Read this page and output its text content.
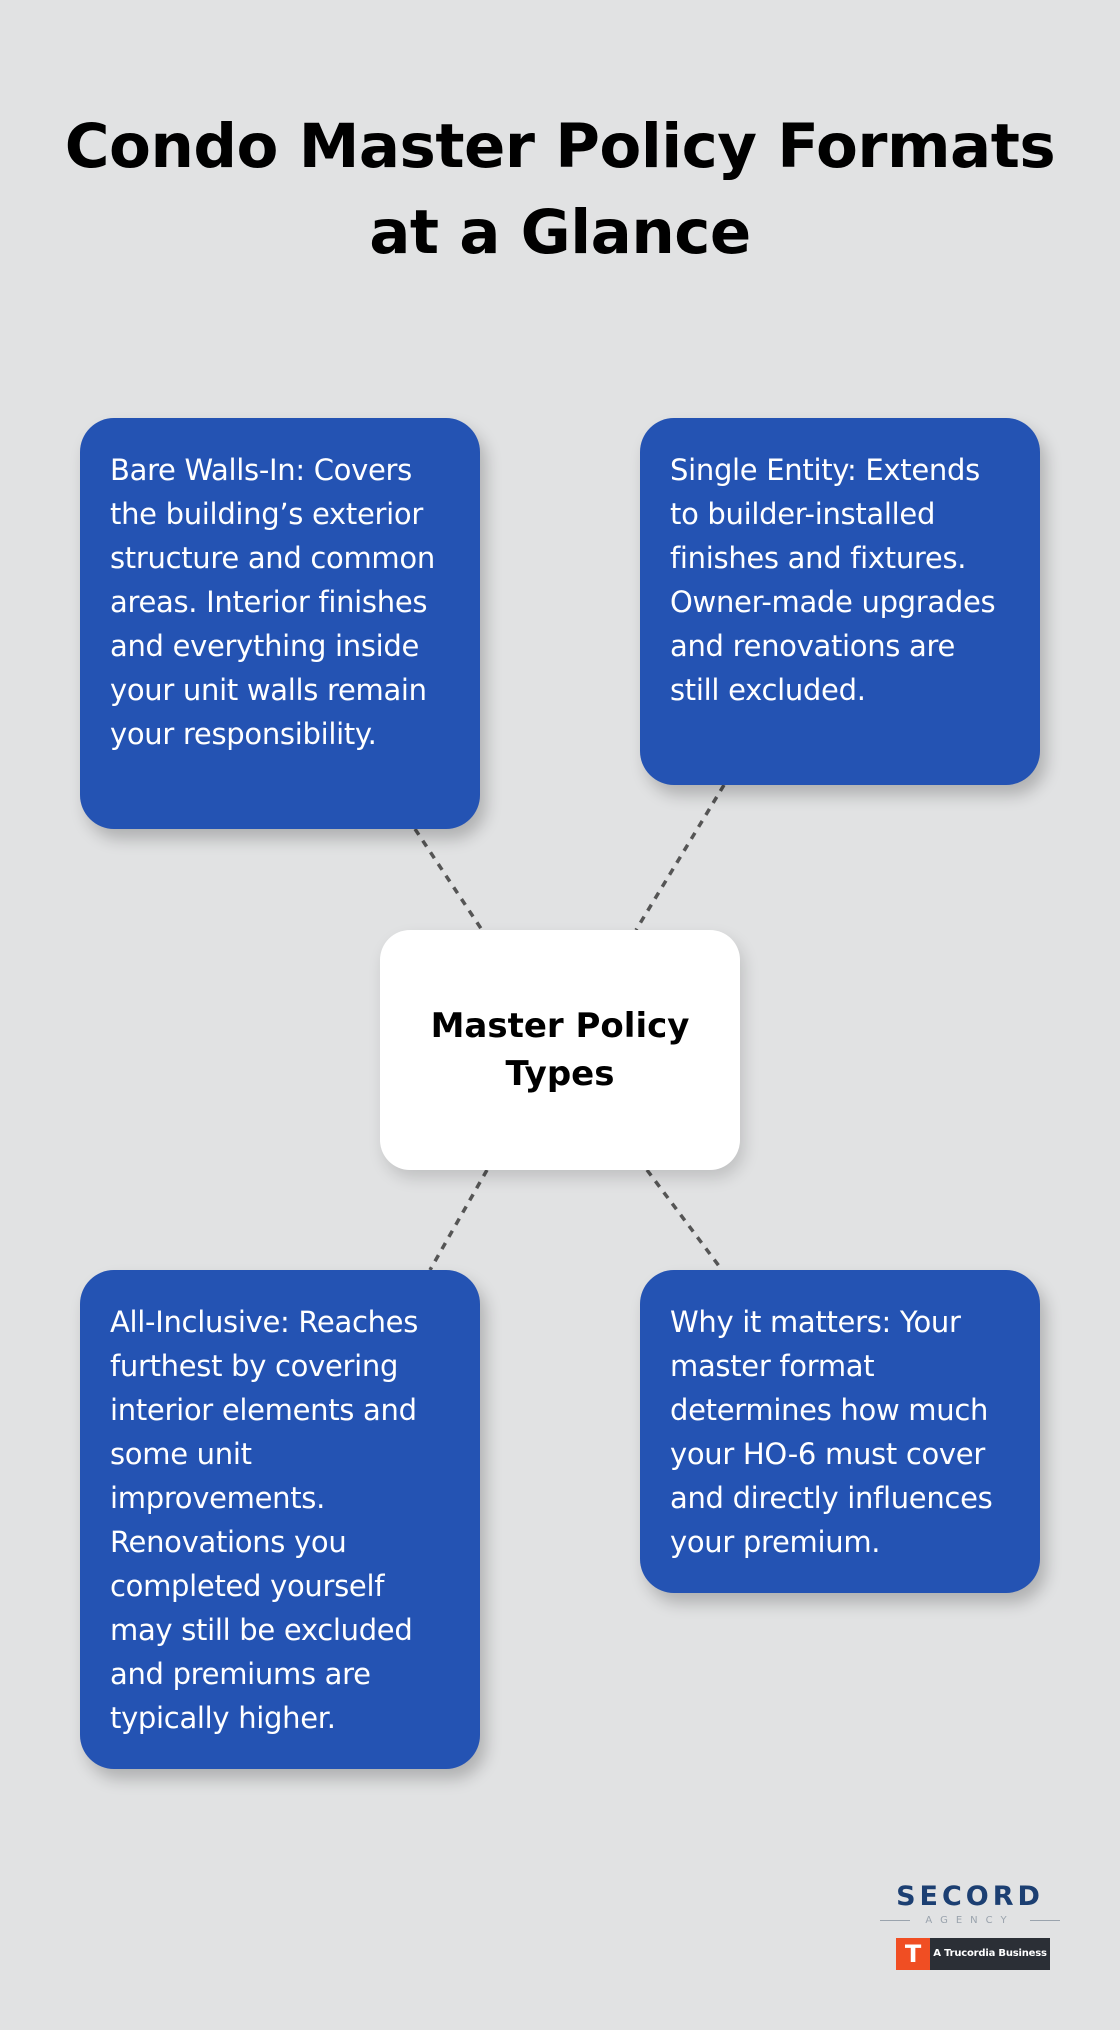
Condo Master Policy Formats at a Glance

Bare Walls-In: Covers the building’s exterior structure and common areas. Interior finishes and everything inside your unit walls remain your responsibility.

Single Entity: Extends to builder-installed finishes and fixtures. Owner-made upgrades and renovations are still excluded.

Master Policy Types

All-Inclusive: Reaches furthest by covering interior elements and some unit improvements. Renovations you completed yourself may still be excluded and premiums are typically higher.

Why it matters: Your master format determines how much your HO-6 must cover and directly influences your premium.

SECORD
AGENCY
T	A Trucordia Business
